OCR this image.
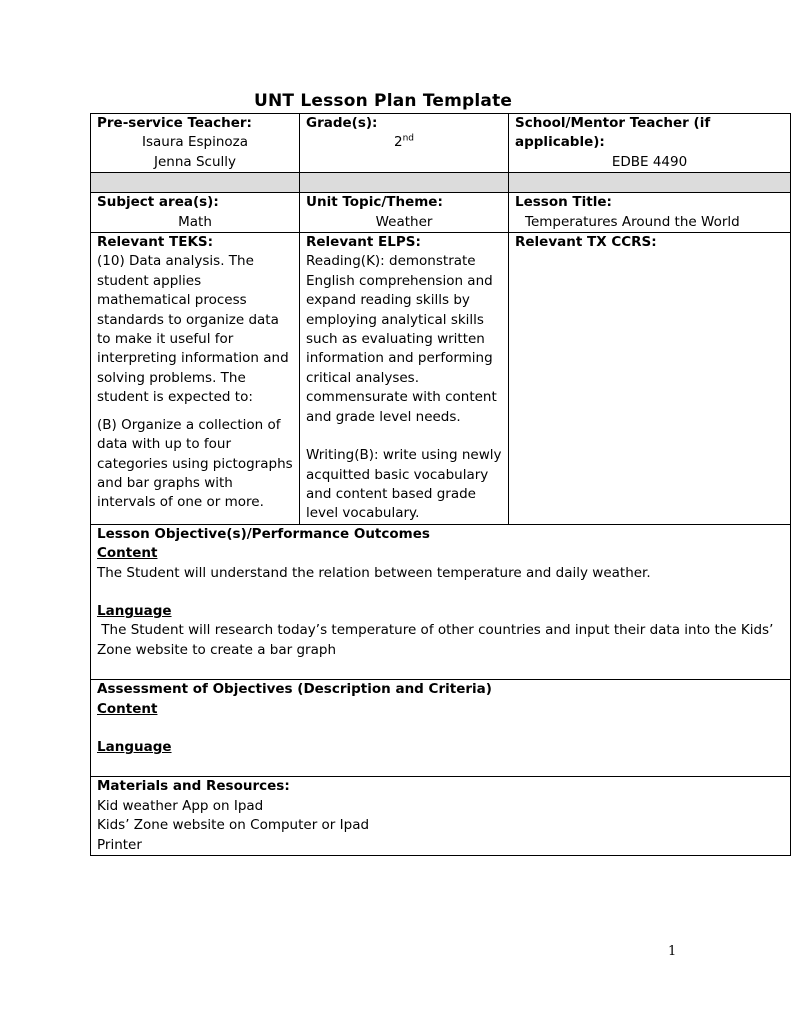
UNT Lesson Plan Template
Pre-service Teacher:
Isaura Espinoza
Jenna Scully
Grade(s):
2nd
School/Mentor Teacher (if applicable):
EDBE 4490
Subject area(s):
Math
Unit Topic/Theme:
Weather
Lesson Title:
Temperatures Around the World
Relevant TEKS:

(10) Data analysis. The student applies mathematical process standards to organize data to make it useful for interpreting information and solving problems. The student is expected to:

(B) Organize a collection of data with up to four categories using pictographs and bar graphs with intervals of one or more.

Relevant ELPS:

Reading(K): demonstrate English comprehension and expand reading skills by employing analytical skills such as evaluating written information and performing critical analyses. commensurate with content and grade level needs.

Writing(B): write using newly acquitted basic vocabulary and content based grade level vocabulary.

Relevant TX CCRS:
Lesson Objective(s)/Performance Outcomes
Content
The Student will understand the relation between temperature and daily weather.
Language
The Student will research today’s temperature of other countries and input their data into the Kids’ Zone website to create a bar graph
Assessment of Objectives (Description and Criteria)
Content
Language
Materials and Resources:
Kid weather App on Ipad
Kids’ Zone website on Computer or Ipad
Printer
1
